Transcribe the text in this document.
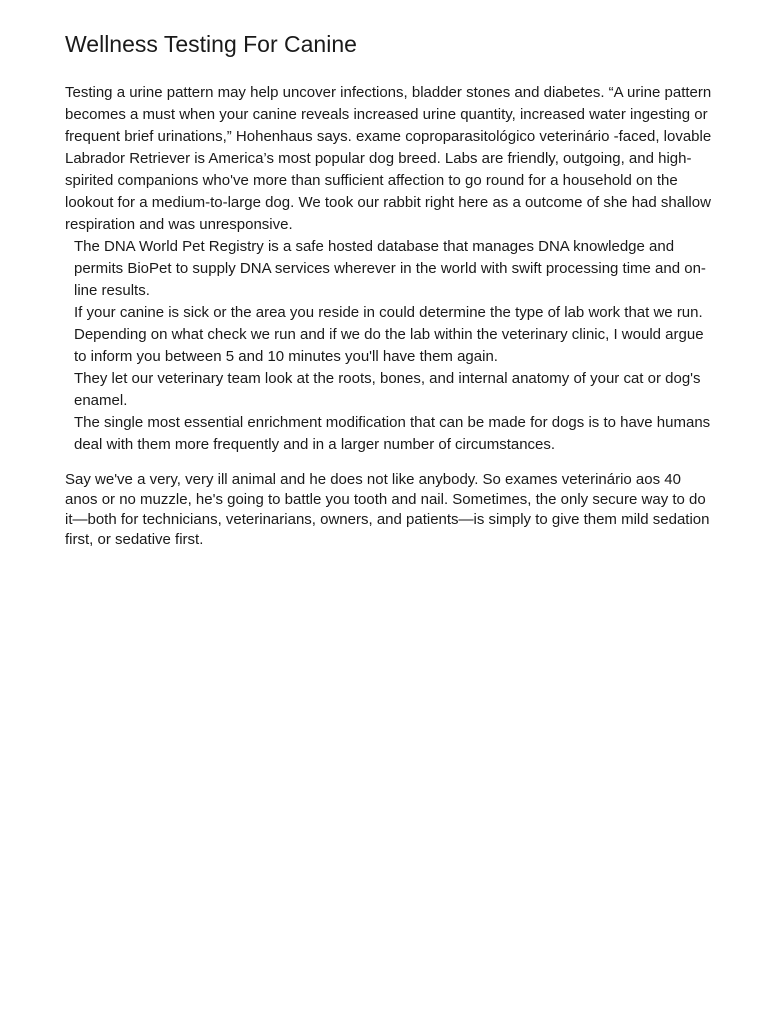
Wellness Testing For Canine

Testing a urine pattern may help uncover infections, bladder stones and diabetes. “A urine pattern becomes a must when your canine reveals increased urine quantity, increased water ingesting or frequent brief urinations,” Hohenhaus says. exame coproparasitológico veterinário -faced, lovable Labrador Retriever is America’s most popular dog breed. Labs are friendly, outgoing, and high-spirited companions who've more than sufficient affection to go round for a household on the lookout for a medium-to-large dog. We took our rabbit right here as a outcome of she had shallow respiration and was unresponsive.

The DNA World Pet Registry is a safe hosted database that manages DNA knowledge and permits BioPet to supply DNA services wherever in the world with swift processing time and on-line results.
If your canine is sick or the area you reside in could determine the type of lab work that we run.
Depending on what check we run and if we do the lab within the veterinary clinic, I would argue to inform you between 5 and 10 minutes you'll have them again.
They let our veterinary team look at the roots, bones, and internal anatomy of your cat or dog's enamel.
The single most essential enrichment modification that can be made for dogs is to have humans deal with them more frequently and in a larger number of circumstances.

Say we've a very, very ill animal and he does not like anybody. So exames veterinário aos 40 anos or no muzzle, he's going to battle you tooth and nail. Sometimes, the only secure way to do it—both for technicians, veterinarians, owners, and patients—is simply to give them mild sedation first, or sedative first.
